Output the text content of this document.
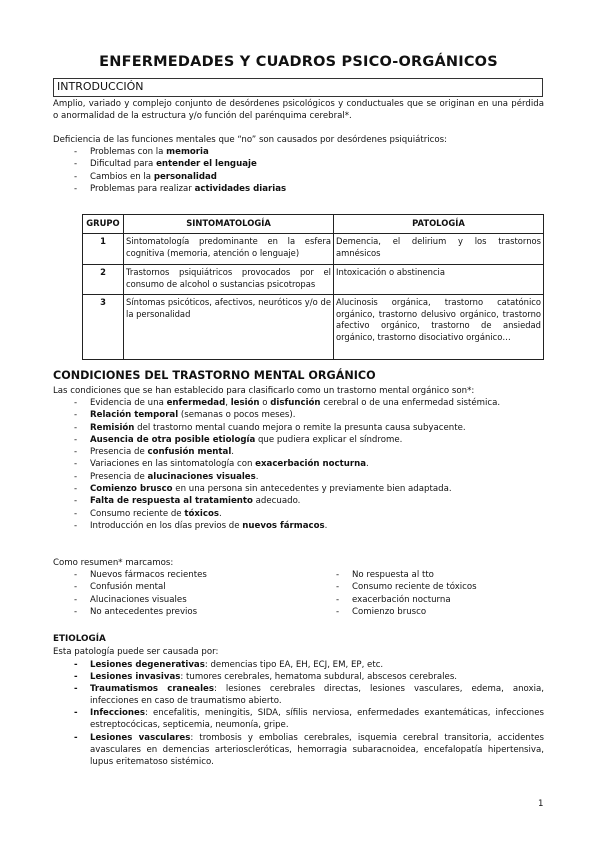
ENFERMEDADES Y CUADROS PSICO-ORGÁNICOS
INTRODUCCIÓN
Amplio, variado y complejo conjunto de desórdenes psicológicos y conductuales que se originan en una pérdida o anormalidad de la estructura y/o función del parénquima cerebral*.
Deficiencia de las funciones mentales que “no” son causados por desórdenes psiquiátricos:
- Problemas con la memoria
- Dificultad para entender el lenguaje
- Cambios en la personalidad
- Problemas para realizar actividades diarias
GRUPO	SINTOMATOLOGÍA	PATOLOGÍA
1	Sintomatología predominante en la esfera cognitiva (memoria, atención o lenguaje)	Demencia, el delirium y los trastornos amnésicos
2	Trastornos psiquiátricos provocados por el consumo de alcohol o sustancias psicotropas	Intoxicación o abstinencia
3	Síntomas psicóticos, afectivos, neuróticos y/o de la personalidad	Alucinosis orgánica, trastorno catatónico orgánico, trastorno delusivo orgánico, trastorno afectivo orgánico, trastorno de ansiedad orgánico, trastorno disociativo orgánico…
CONDICIONES DEL TRASTORNO MENTAL ORGÁNICO
Las condiciones que se han establecido para clasificarlo como un trastorno mental orgánico son*:
- Evidencia de una enfermedad, lesión o disfunción cerebral o de una enfermedad sistémica.
- Relación temporal (semanas o pocos meses).
- Remisión del trastorno mental cuando mejora o remite la presunta causa subyacente.
- Ausencia de otra posible etiología que pudiera explicar el síndrome.
- Presencia de confusión mental.
- Variaciones en las sintomatología con exacerbación nocturna.
- Presencia de alucinaciones visuales.
- Comienzo brusco en una persona sin antecedentes y previamente bien adaptada.
- Falta de respuesta al tratamiento adecuado.
- Consumo reciente de tóxicos.
- Introducción en los días previos de nuevos fármacos.
Como resumen* marcamos:
- Nuevos fármacos recientes
- Confusión mental
- Alucinaciones visuales
- No antecedentes previos
- No respuesta al tto
- Consumo reciente de tóxicos
- exacerbación nocturna
- Comienzo brusco
ETIOLOGÍA
Esta patología puede ser causada por:
- Lesiones degenerativas: demencias tipo EA, EH, ECJ, EM, EP, etc.
- Lesiones invasivas: tumores cerebrales, hematoma subdural, abscesos cerebrales.
- Traumatismos craneales: lesiones cerebrales directas, lesiones vasculares, edema, anoxia, infecciones en caso de traumatismo abierto.
- Infecciones: encefalitis, meningitis, SIDA, sífilis nerviosa, enfermedades exantemáticas, infecciones estreptocócicas, septicemia, neumonía, gripe.
- Lesiones vasculares: trombosis y embolias cerebrales, isquemia cerebral transitoria, accidentes avasculares en demencias arterioscleróticas, hemorragia subaracnoidea, encefalopatía hipertensiva, lupus eritematoso sistémico.
1
